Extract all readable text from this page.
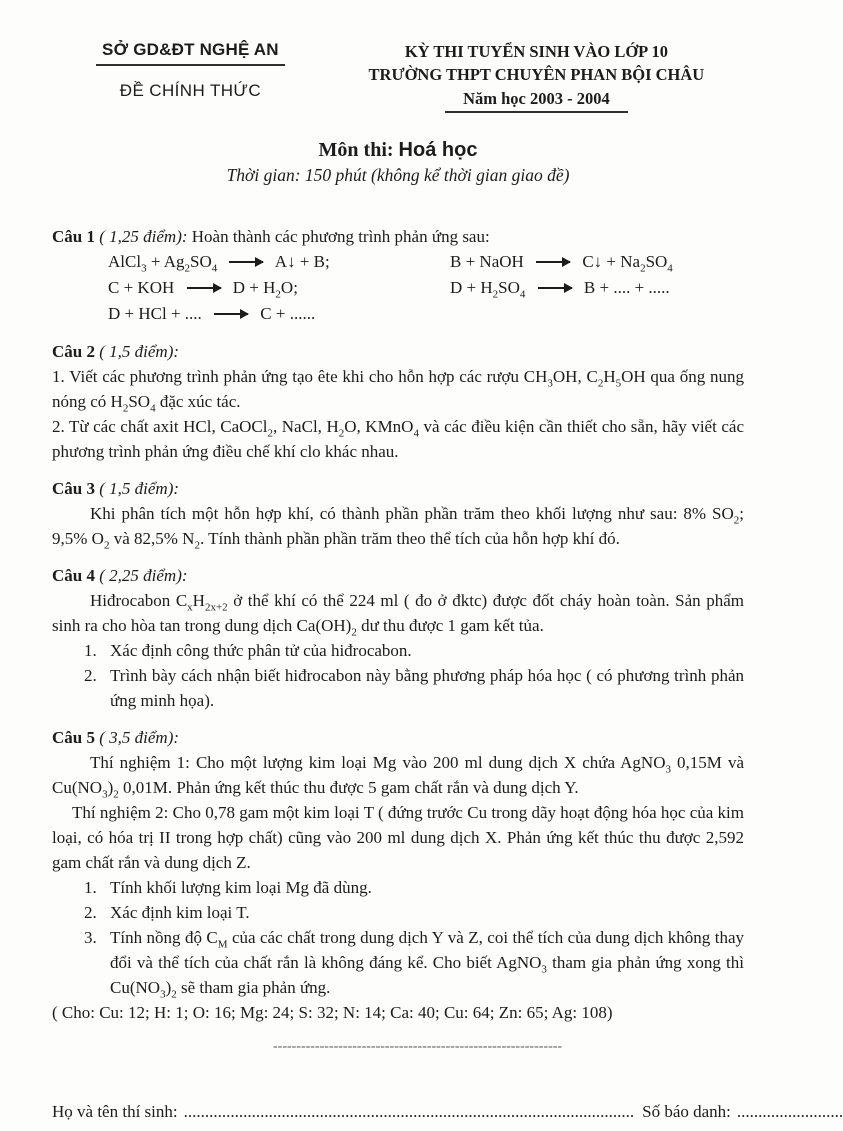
SỞ GD&ĐT NGHỆ AN
ĐỀ CHÍNH THỨC
KỲ THI TUYỂN SINH VÀO LỚP 10
TRƯỜNG THPT CHUYÊN PHAN BỘI CHÂU
Năm học 2003 - 2004
Môn thi: Hoá học
Thời gian: 150 phút (không kể thời gian giao đề)

Câu 1 ( 1,25 điểm): Hoàn thành các phương trình phản ứng sau:

AlCl$_3$ + $Ag_2SO_4$ → A↓ + B;	B + NaOH → C↓ + $Na_2SO_4$
C + KOH → $D + H_2O$;	$D + H_2SO_4 \to B$ + .... + .....
D + HCl + .... → C + ......

Câu 2 ( 1,5 điểm):

1. Viết các phương trình phản ứng tạo ête khi cho hỗn hợp các rượu $CH_3OH$, $C_2H_5OH$ qua ống nung nóng có $H_2SO_4$ đặc xúc tác.

2. Từ các chất axit HCl, CaOCl$_2$, NaCl, $H_2O$, KMnO$_4$ và các điều kiện cần thiết cho sẵn, hãy viết các phương trình phản ứng điều chế khí clo khác nhau.

Câu 3 ( 1,5 điểm):

Khi phân tích một hỗn hợp khí, có thành phần phần trăm theo khối lượng như sau: 8% $SO_2$; 9,5% $O_2$ và 82,5% $N_2$. Tính thành phần phần trăm theo thể tích của hỗn hợp khí đó.

Câu 4 ( 2,25 điểm):

Hiđrocabon $C_xH_{2x+2}$ ở thể khí có thể 224 ml ( đo ở đktc) được đốt cháy hoàn toàn. Sản phẩm sinh ra cho hòa tan trong dung dịch $Ca(OH)_2$ dư thu được 1 gam kết tủa.

1. Xác định công thức phân tử của hiđrocabon.
2. Trình bày cách nhận biết hiđrocabon này bằng phương pháp hóa học ( có phương trình phản ứng minh họa).

Câu 5 ( 3,5 điểm):

Thí nghiệm 1: Cho một lượng kim loại Mg vào 200 ml dung dịch X chứa AgNO$_3$ 0,15M và $Cu(NO_3)_2$ 0,01M. Phản ứng kết thúc thu được 5 gam chất rắn và dung dịch Y.

Thí nghiệm 2: Cho 0,78 gam một kim loại T ( đứng trước Cu trong dãy hoạt động hóa học của kim loại, có hóa trị II trong hợp chất) cũng vào 200 ml dung dịch X. Phản ứng kết thúc thu được 2,592 gam chất rắn và dung dịch Z.

1. Tính khối lượng kim loại Mg đã dùng.
2. Xác định kim loại T.
3. Tính nồng độ $C_M$ của các chất trong dung dịch Y và Z, coi thể tích của dung dịch không thay đổi và thể tích của chất rắn là không đáng kể. Cho biết AgNO$_3$ tham gia phản ứng xong thì $Cu(NO_3)_2$ sẽ tham gia phản ứng.

( Cho: Cu: 12; H: 1; O: 16; Mg: 24; S: 32; N: 14; Ca: 40; Cu: 64; Zn: 65; Ag: 108)

--------------------------------------------------------------
Họ và tên thí sinh: .......................................................................................................... Số báo danh: .........................
